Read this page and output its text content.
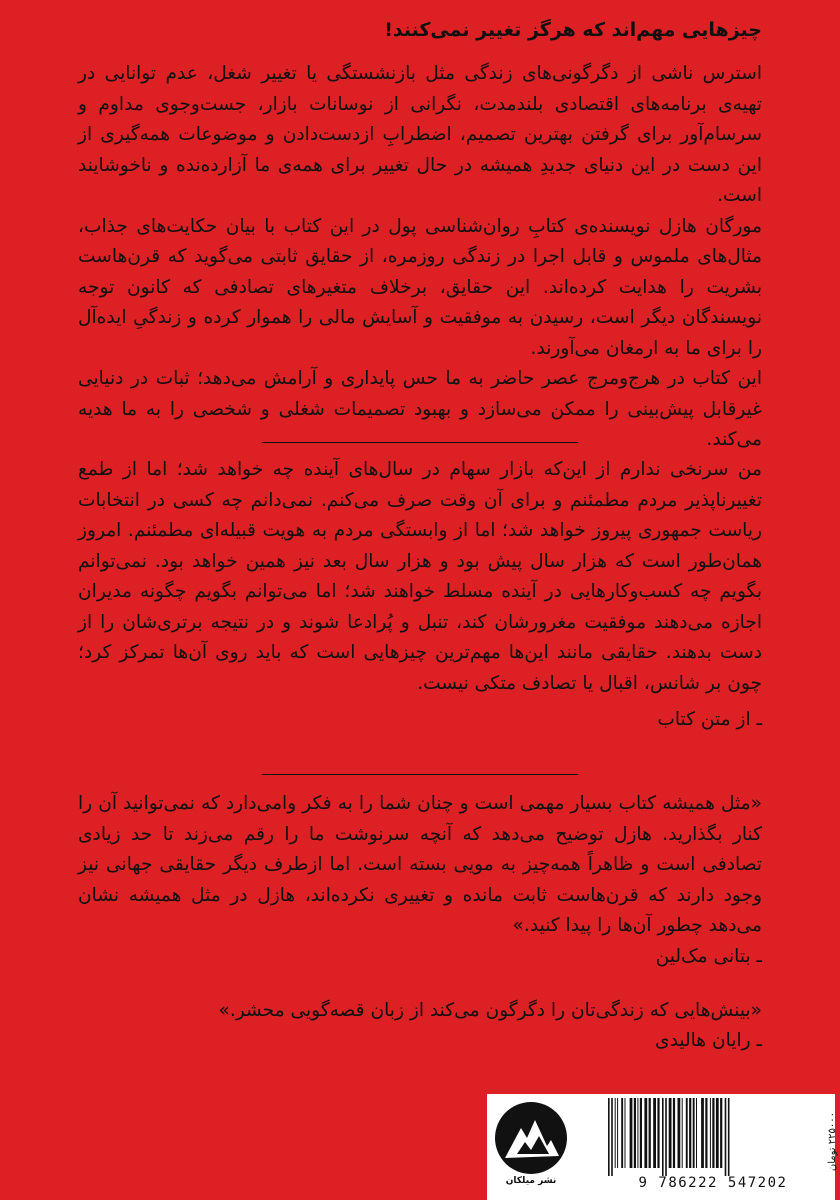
چیزهایی مهم‌اند که هرگز تغییر نمی‌کنند!

استرس ناشی از دگرگونی‌های زندگی مثل بازنشستگی یا تغییر شغل، عدم توانایی در تهیه‌ی برنامه‌های اقتصادی بلندمدت، نگرانی از نوسانات بازار، جست‌وجوی مداوم و سرسام‌آور برای گرفتن بهترین تصمیم، اضطرابِ ازدست‌دادن و موضوعات همه‌گیری از این دست در این دنیای جدیدِ همیشه در حال تغییر برای همه‌ی ما آزارده‌نده و ناخوشایند است.

مورگان هازل نویسنده‌ی کتابِ روان‌شناسی پول در این کتاب با بیان حکایت‌های جذاب، مثال‌های ملموس و قابل اجرا در زندگی روزمره، از حقایق ثابتی می‌گوید که قرن‌هاست بشریت را هدایت کرده‌اند. این حقایق، برخلاف متغیرهای تصادفی که کانون توجه نویسندگان دیگر است، رسیدن به موفقیت و آسایش مالی را هموار کرده و زندگیِ ایده‌آل را برای ما به ارمغان می‌آورند.

این کتاب در هرج‌ومرج عصر حاضر به ما حس پایداری و آرامش می‌دهد؛ ثبات در دنیایی غیرقابل پیش‌بینی را ممکن می‌سازد و بهبود تصمیمات شغلی و شخصی را به ما هدیه می‌کند.

من سرنخی ندارم از این‌که بازار سهام در سال‌های آینده چه خواهد شد؛ اما از طمع تغییرناپذیر مردم مطمئنم و برای آن وقت صرف می‌کنم. نمی‌دانم چه کسی در انتخابات ریاست جمهوری پیروز خواهد شد؛ اما از وابستگی مردم به هویت قبیله‌ای مطمئنم. امروز همان‌طور است که هزار سال پیش بود و هزار سال بعد نیز همین خواهد بود. نمی‌توانم بگویم چه کسب‌وکارهایی در آینده مسلط خواهند شد؛ اما می‌توانم بگویم چگونه مدیران اجازه می‌دهند موفقیت مغرورشان کند، تنبل و پُرادعا شوند و در نتیجه برتری‌شان را از دست بدهند. حقایقی مانند این‌ها مهم‌ترین چیزهایی است که باید روی آن‌ها تمرکز کرد؛ چون بر شانس، اقبال یا تصادف متکی نیست.

ـ از متن کتاب

«مثل همیشه کتاب بسیار مهمی است و چنان شما را به فکر وامی‌دارد که نمی‌توانید آن را کنار بگذارید. هازل توضیح می‌دهد که آنچه سرنوشت ما را رقم می‌زند تا حد زیادی تصادفی است و ظاهراً همه‌چیز به مویی بسته است. اما ازطرف دیگر حقایقی جهانی نیز وجود دارند که قرن‌هاست ثابت مانده و تغییری نکرده‌اند، هازل در مثل همیشه نشان می‌دهد چطور آن‌ها را پیدا کنید.»

ـ بتانی مک‌لین

«بینش‌هایی که زندگی‌تان را دگرگون می‌کند از زبان قصه‌گویی محشر.»

ـ رایان هالیدی

نشر میلکان	9 786222 547202
۲۲۵۰۰۰ تومان
